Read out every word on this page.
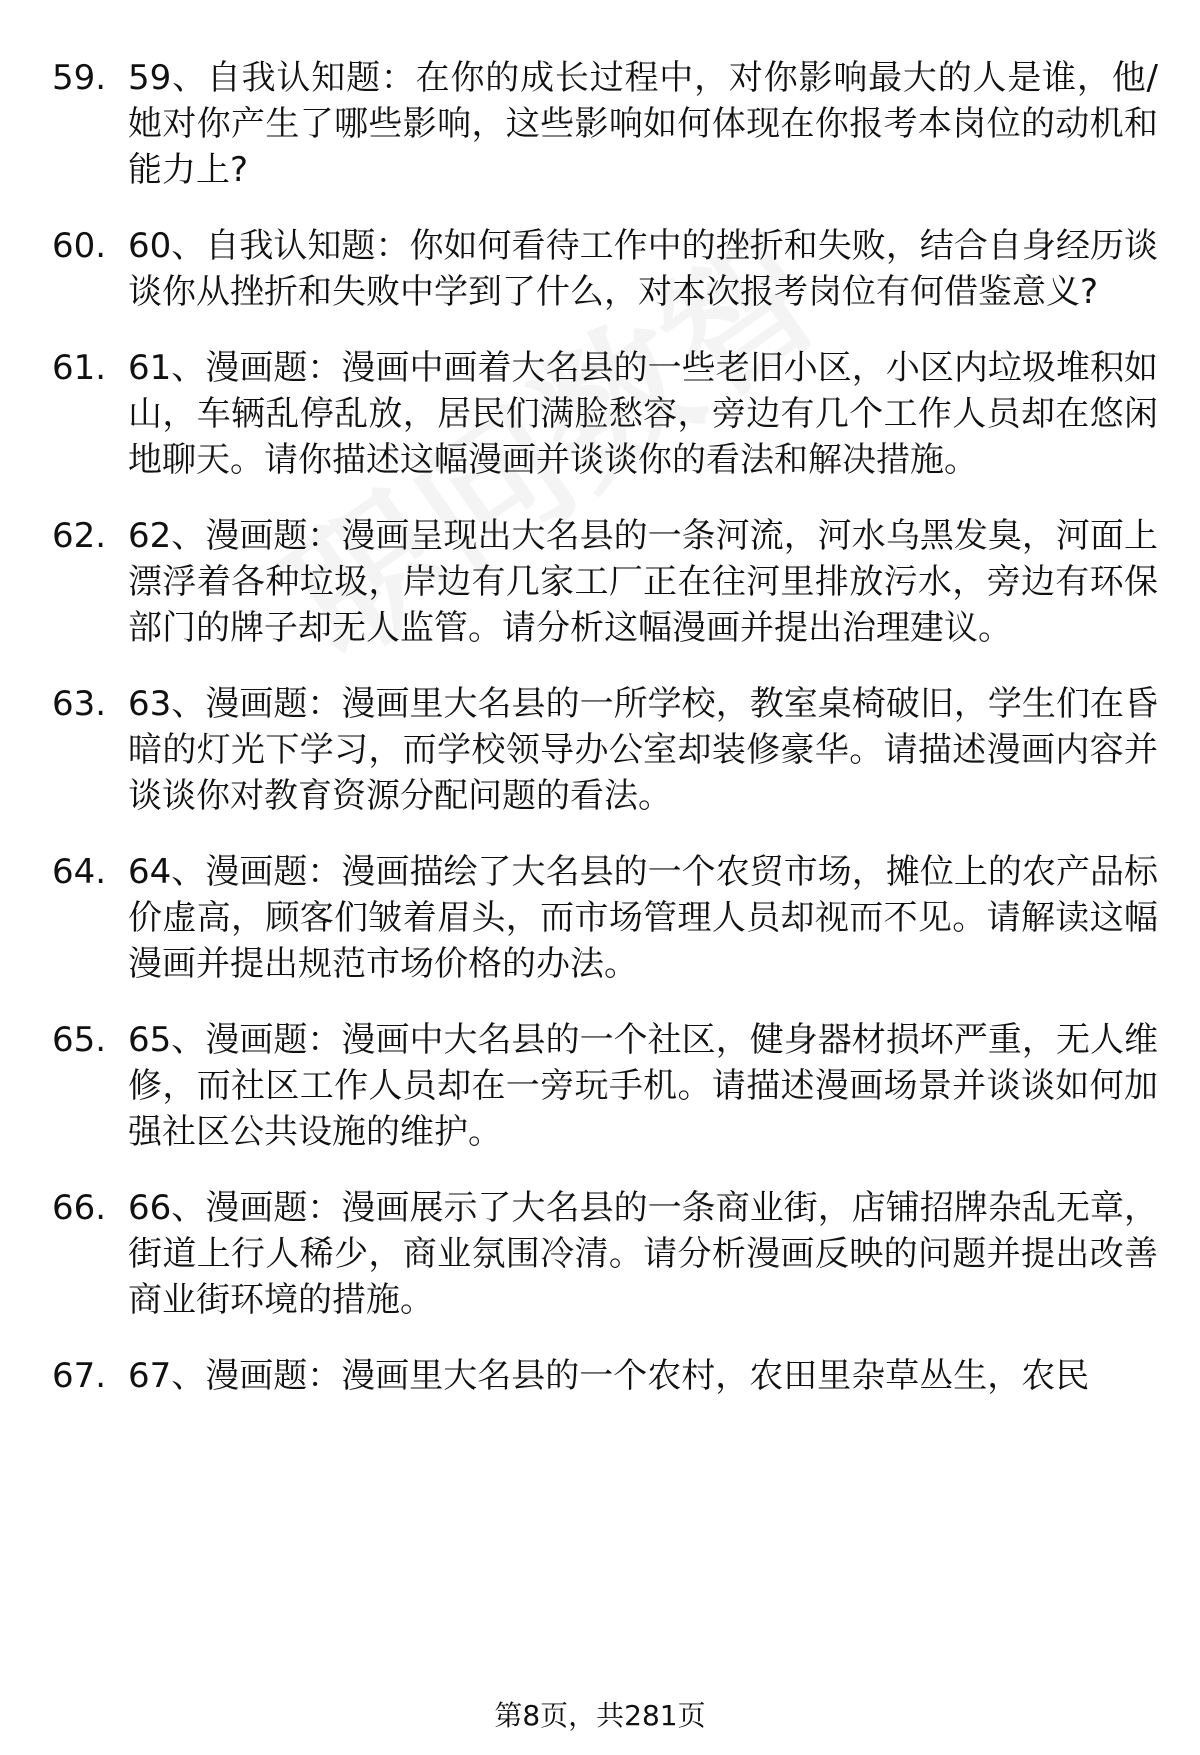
59. 59、自我认知题：在你的成长过程中，对你影响最大的人是谁，他/她对你产生了哪些影响，这些影响如何体现在你报考本岗位的动机和能力上?
60. 60、自我认知题：你如何看待工作中的挫折和失败，结合自身经历谈谈你从挫折和失败中学到了什么，对本次报考岗位有何借鉴意义?
61. 61、漫画题：漫画中画着大名县的一些老旧小区，小区内垃圾堆积如山，车辆乱停乱放，居民们满脸愁容，旁边有几个工作人员却在悠闲地聊天。请你描述这幅漫画并谈谈你的看法和解决措施。
62. 62、漫画题：漫画呈现出大名县的一条河流，河水乌黑发臭，河面上漂浮着各种垃圾，岸边有几家工厂正在往河里排放污水，旁边有环保部门的牌子却无人监管。请分析这幅漫画并提出治理建议。
63. 63、漫画题：漫画里大名县的一所学校，教室桌椅破旧，学生们在昏暗的灯光下学习，而学校领导办公室却装修豪华。请描述漫画内容并谈谈你对教育资源分配问题的看法。
64. 64、漫画题：漫画描绘了大名县的一个农贸市场，摊位上的农产品标价虚高，顾客们皱着眉头，而市场管理人员却视而不见。请解读这幅漫画并提出规范市场价格的办法。
65. 65、漫画题：漫画中大名县的一个社区，健身器材损坏严重，无人维修，而社区工作人员却在一旁玩手机。请描述漫画场景并谈谈如何加强社区公共设施的维护。
66. 66、漫画题：漫画展示了大名县的一条商业街，店铺招牌杂乱无章，街道上行人稀少，商业氛围冷清。请分析漫画反映的问题并提出改善商业街环境的措施。
67. 67、漫画题：漫画里大名县的一个农村，农田里杂草丛生，农民
第8页，共281页
